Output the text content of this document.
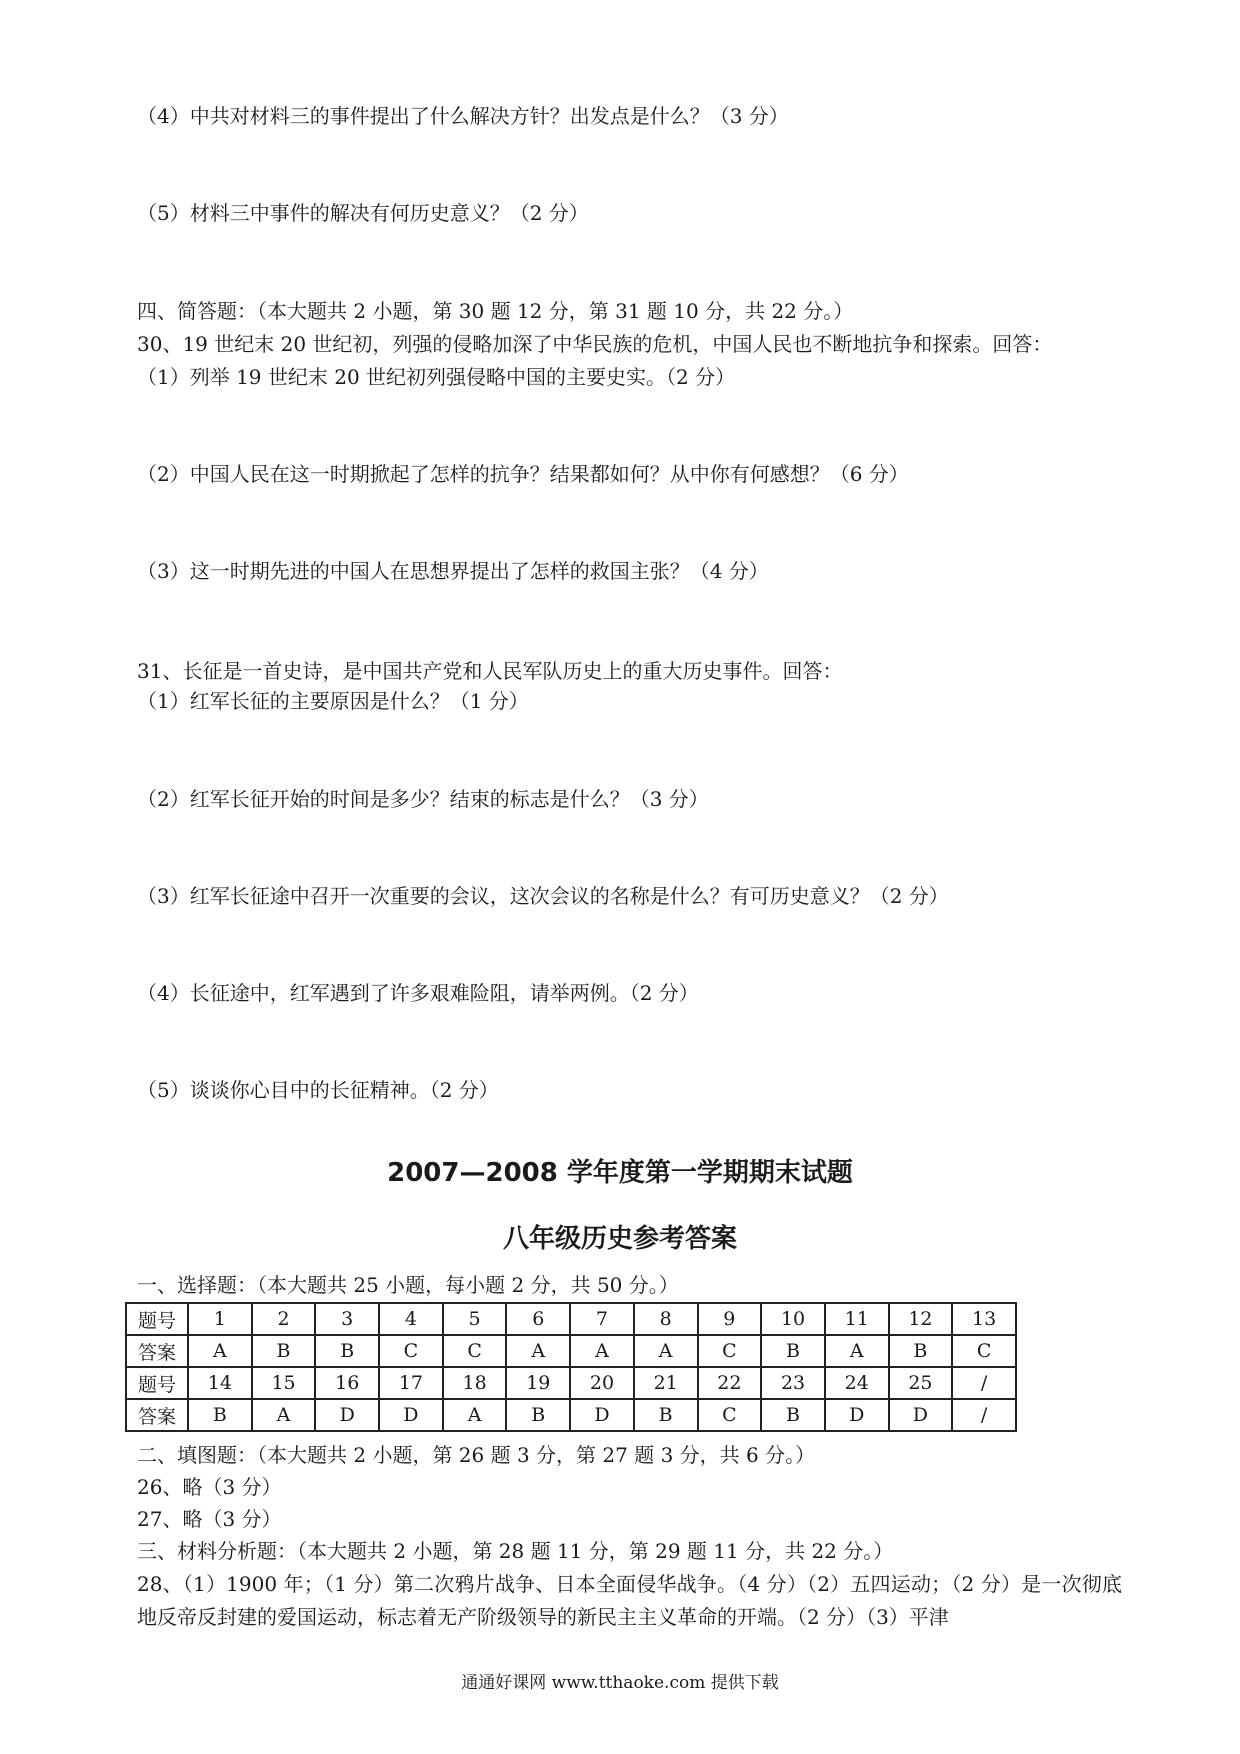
（4）中共对材料三的事件提出了什么解决方针？出发点是什么？（3 分）
（5）材料三中事件的解决有何历史意义？（2 分）
四、简答题：（本大题共 2 小题，第 30 题 12 分，第 31 题 10 分，共 22 分。）
30、19 世纪末 20 世纪初，列强的侵略加深了中华民族的危机，中国人民也不断地抗争和探索。回答：
（1）列举 19 世纪末 20 世纪初列强侵略中国的主要史实。（2 分）
（2）中国人民在这一时期掀起了怎样的抗争？结果都如何？从中你有何感想？（6 分）
（3）这一时期先进的中国人在思想界提出了怎样的救国主张？（4 分）
31、长征是一首史诗，是中国共产党和人民军队历史上的重大历史事件。回答：
（1）红军长征的主要原因是什么？（1 分）
（2）红军长征开始的时间是多少？结束的标志是什么？（3 分）
（3）红军长征途中召开一次重要的会议，这次会议的名称是什么？有可历史意义？（2 分）
（4）长征途中，红军遇到了许多艰难险阻，请举两例。（2 分）
（5）谈谈你心目中的长征精神。（2 分）
2007—2008 学年度第一学期期末试题
八年级历史参考答案
一、选择题：（本大题共 25 小题，每小题 2 分，共 50 分。）
题号	1	2	3	4	5	6	7	8	9	10	11	12	13
答案	A	B	B	C	C	A	A	A	C	B	A	B	C
题号	14	15	16	17	18	19	20	21	22	23	24	25	/
答案	B	A	D	D	A	B	D	B	C	B	D	D	/
二、填图题：（本大题共 2 小题，第 26 题 3 分，第 27 题 3 分，共 6 分。）
26、略（3 分）
27、略（3 分）
三、材料分析题：（本大题共 2 小题，第 28 题 11 分，第 29 题 11 分，共 22 分。）
28、（1）1900 年；（1 分）第二次鸦片战争、日本全面侵华战争。（4 分）（2）五四运动；（2 分）是一次彻底地反帝反封建的爱国运动，标志着无产阶级领导的新民主主义革命的开端。（2 分）（3）平津
通通好课网 www.tthaoke.com 提供下载
